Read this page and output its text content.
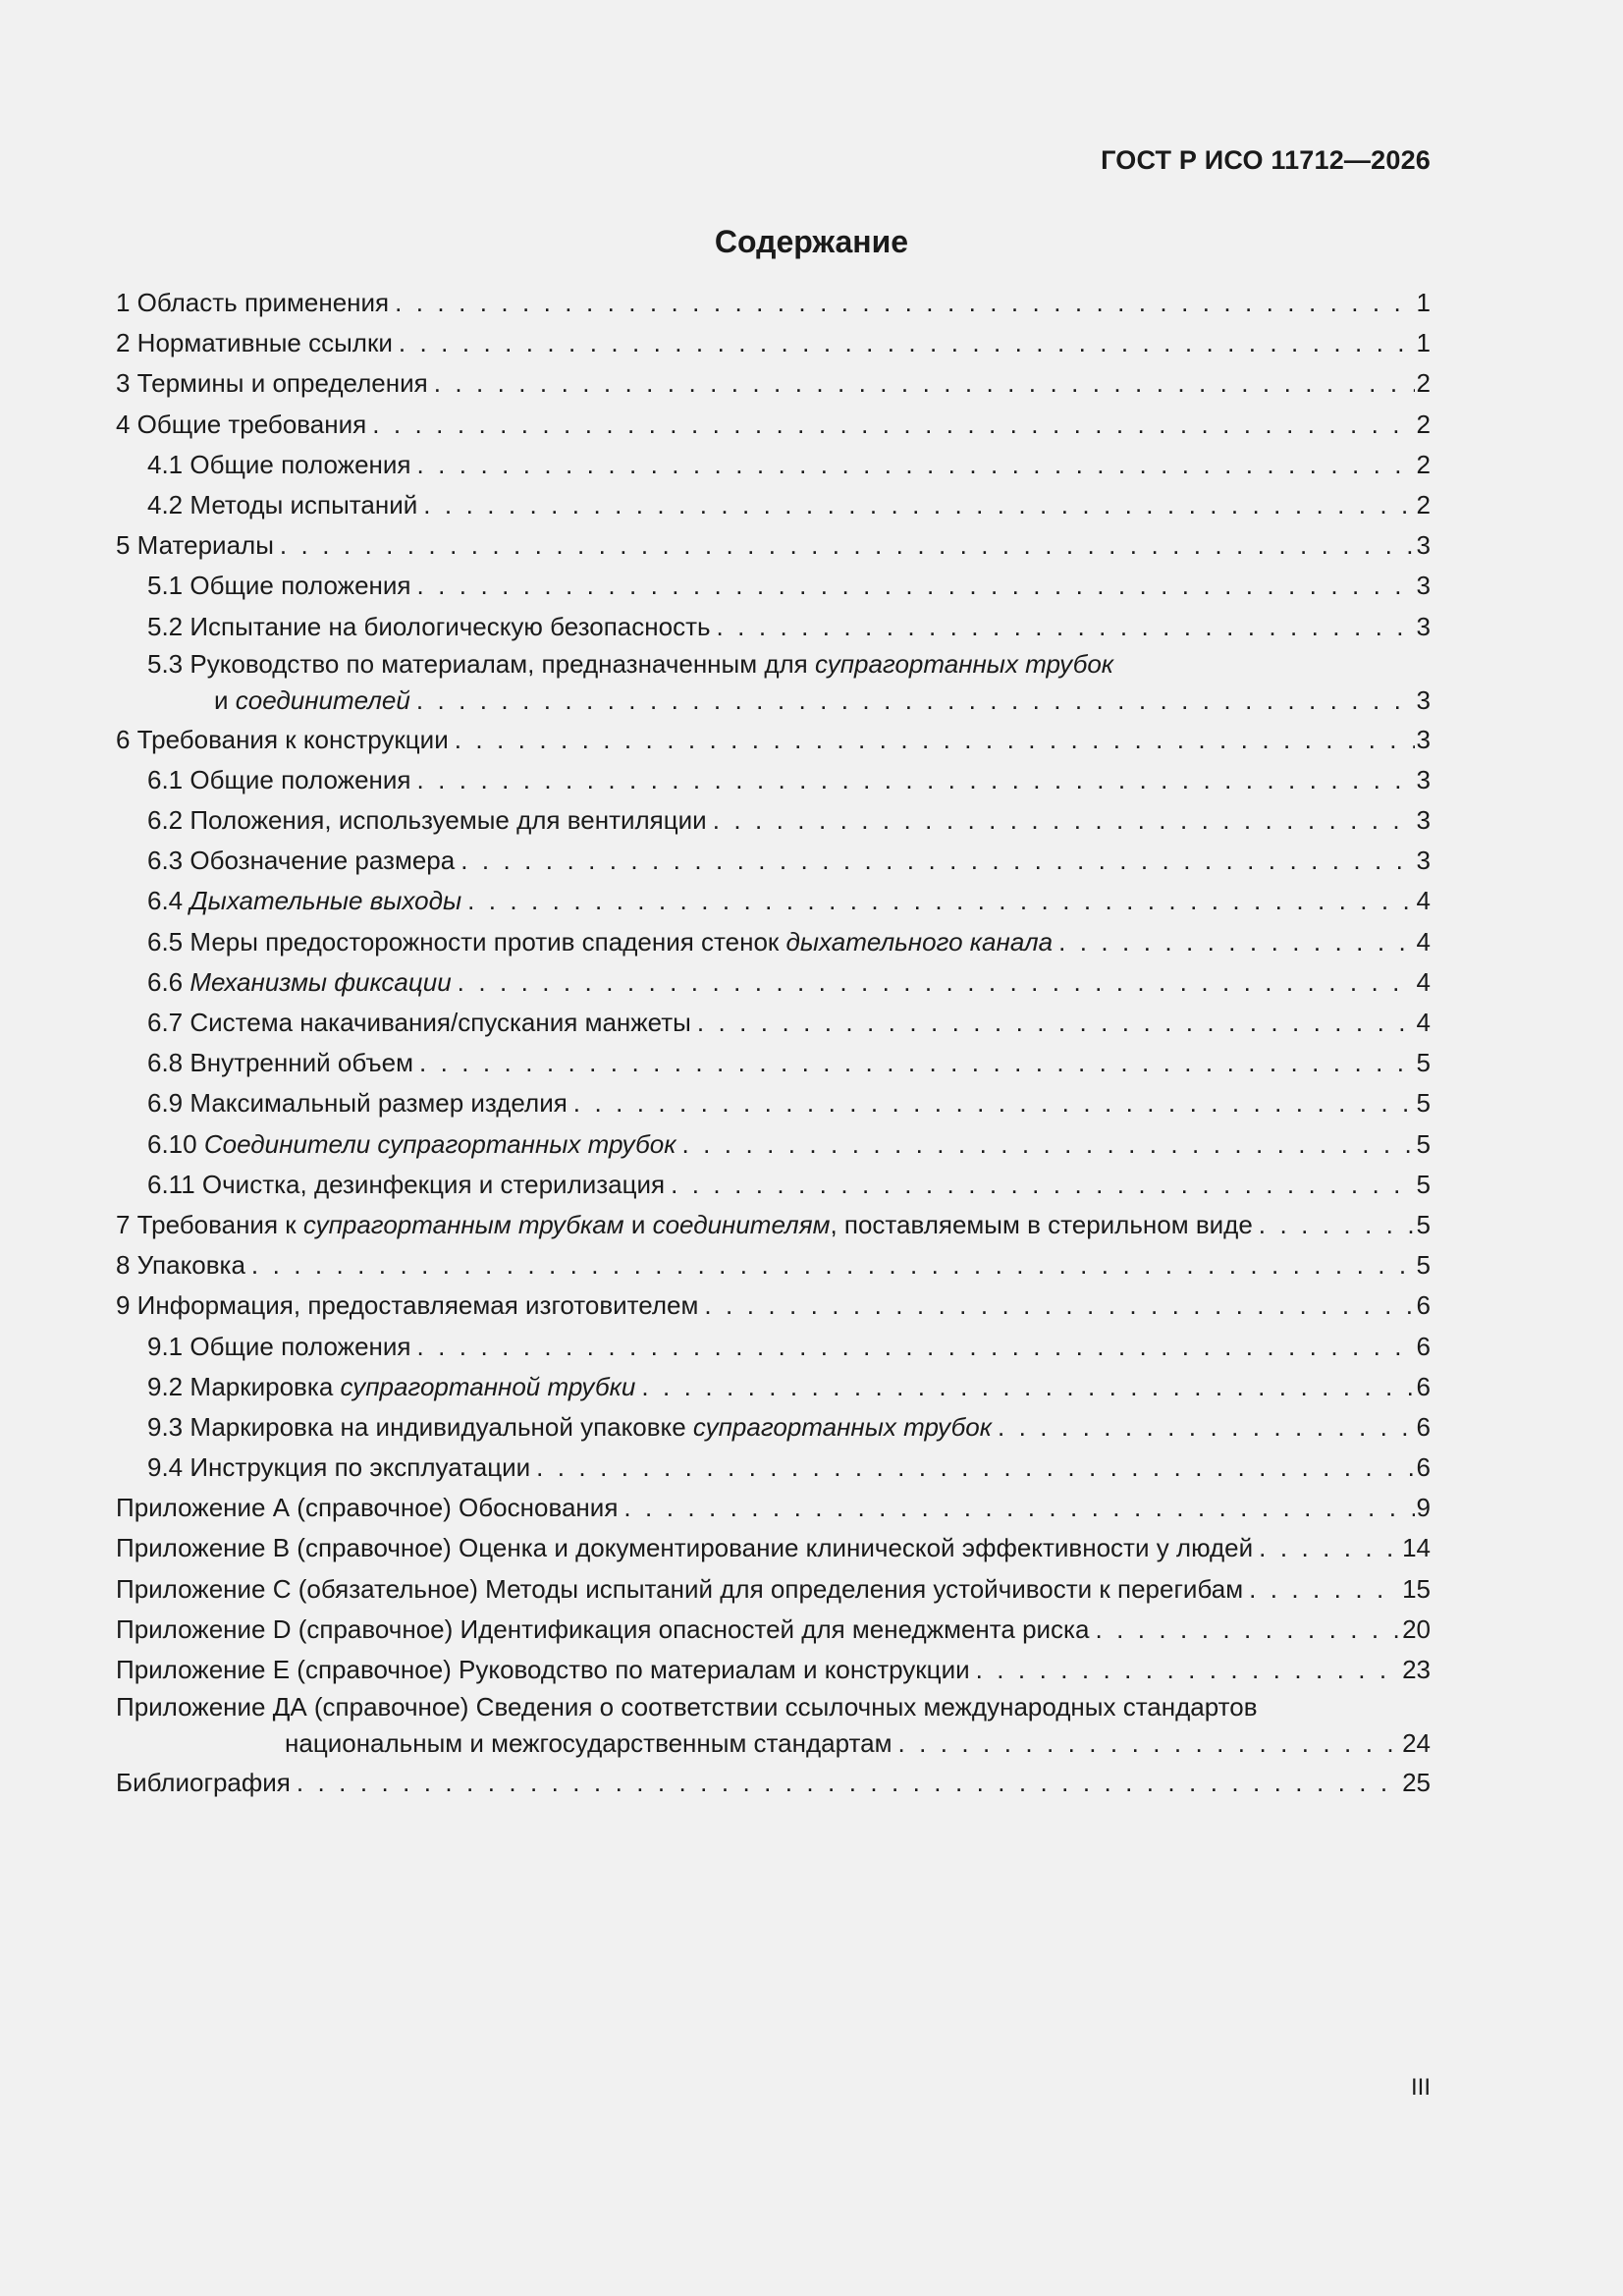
ГОСТ Р ИСО 11712—2026
Содержание
1 Область применения . . .	1
2 Нормативные ссылки . . .	1
3 Термины и определения . . .	2
4 Общие требования . . .	2
4.1 Общие положения . . .	2
4.2 Методы испытаний . . .	2
5 Материалы . . .	3
5.1 Общие положения . . .	3
5.2 Испытание на биологическую безопасность . . .	3
5.3 Руководство по материалам, предназначенным для супрагортанных трубок
и соединителей . . .	3
6 Требования к конструкции . . .	3
6.1 Общие положения . . .	3
6.2 Положения, используемые для вентиляции . . .	3
6.3 Обозначение размера . . .	3
6.4 Дыхательные выходы . . .	4
6.5 Меры предосторожности против спадения стенок дыхательного канала . . .	4
6.6 Механизмы фиксации . . .	4
6.7 Система накачивания/спускания манжеты . . .	4
6.8 Внутренний объем . . .	5
6.9 Максимальный размер изделия . . .	5
6.10 Соединители супрагортанных трубок . . .	5
6.11 Очистка, дезинфекция и стерилизация . . .	5
7 Требования к супрагортанным трубкам и соединителям, поставляемым в стерильном виде . . .	5
8 Упаковка . . .	5
9 Информация, предоставляемая изготовителем . . .	6
9.1 Общие положения . . .	6
9.2 Маркировка супрагортанной трубки . . .	6
9.3 Маркировка на индивидуальной упаковке супрагортанных трубок . . .	6
9.4 Инструкция по эксплуатации . . .	6
Приложение А (справочное) Обоснования . . .	9
Приложение В (справочное) Оценка и документирование клинической эффективности у людей . . .	14
Приложение С (обязательное) Методы испытаний для определения устойчивости к перегибам . . .	15
Приложение D (справочное) Идентификация опасностей для менеджмента риска . . .	20
Приложение Е (справочное) Руководство по материалам и конструкции . . .	23
Приложение ДА (справочное) Сведения о соответствии ссылочных международных стандартов
национальным и межгосударственным стандартам . . .	24
Библиография . . .	25
III
